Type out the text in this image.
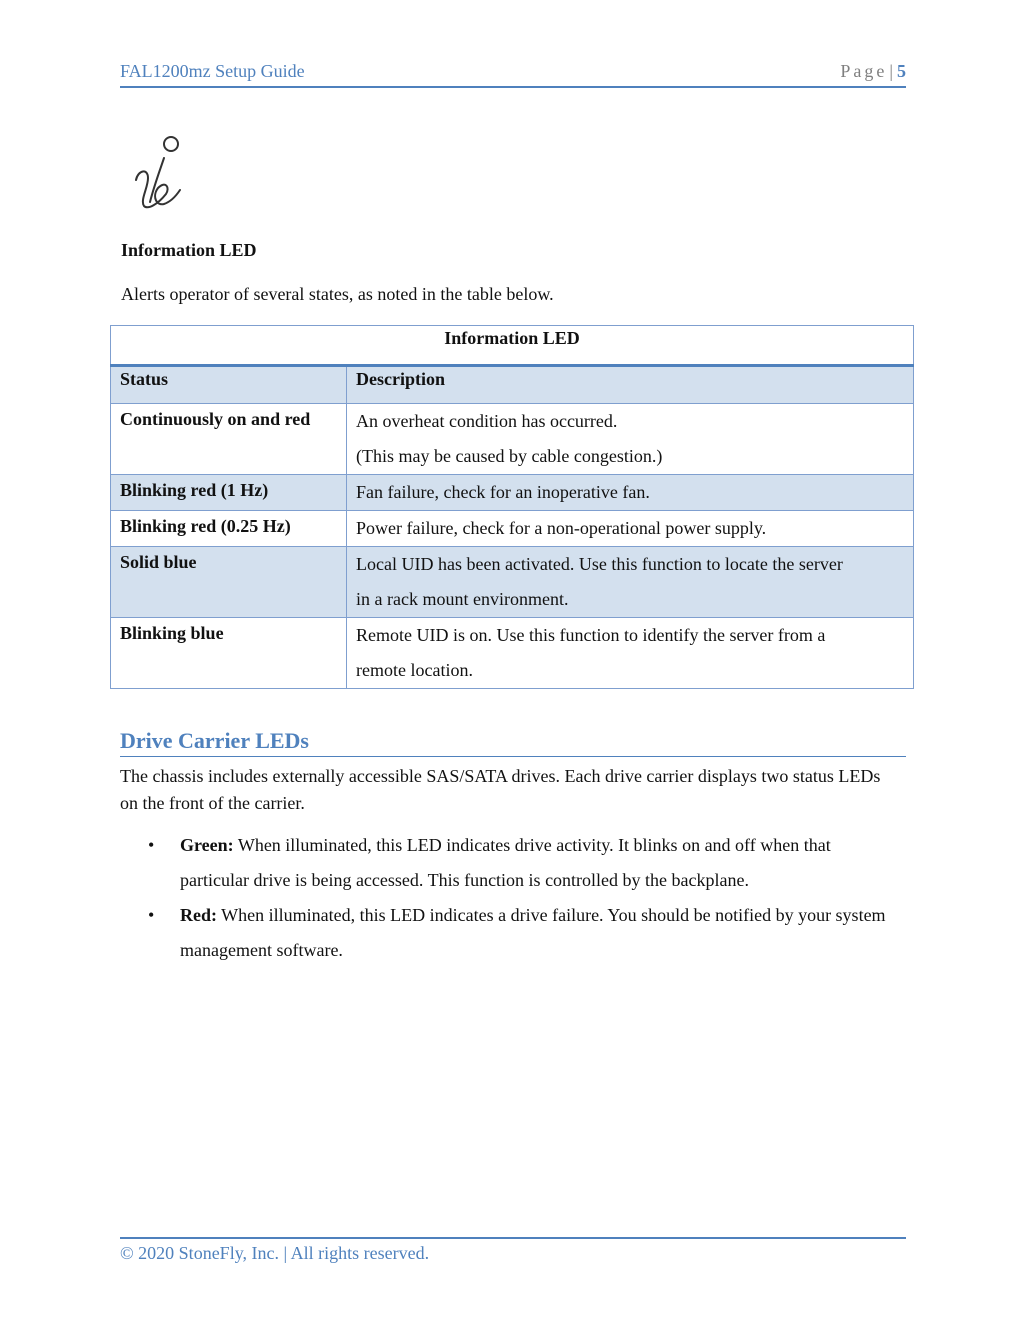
FAL1200mz Setup Guide	Page | 5
Information LED
Alerts operator of several states, as noted in the table below.
Information LED	
Status	Description

Continuously on and red	An overheat condition has occurred.

(This may be caused by cable congestion.)

Blinking red (1 Hz)	Fan failure, check for an inoperative fan.

Blinking red (0.25 Hz)	Power failure, check for a non-operational power supply.

Solid blue	Local UID has been activated. Use this function to locate the server

in a rack mount environment.

Blinking blue	Remote UID is on. Use this function to identify the server from a

remote location.

Drive Carrier LEDs
The chassis includes externally accessible SAS/SATA drives. Each drive carrier displays two status LEDs on the front of the carrier.
• Green: When illuminated, this LED indicates drive activity. It blinks on and off when that particular drive is being accessed. This function is controlled by the backplane.
• Red: When illuminated, this LED indicates a drive failure. You should be notified by your system management software.
© 2020 StoneFly, Inc. | All rights reserved.
